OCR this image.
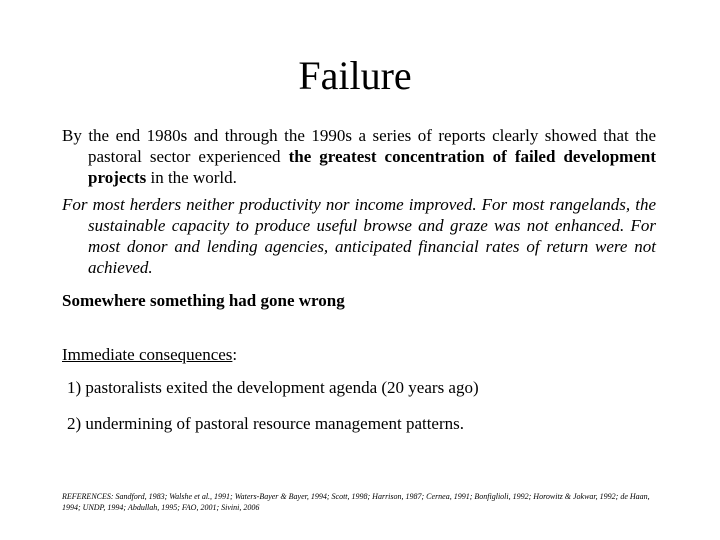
Failure
By the end 1980s and through the 1990s a series of reports clearly showed that the pastoral sector experienced the greatest concentration of failed development projects in the world.
For most herders neither productivity nor income improved. For most rangelands, the sustainable capacity to produce useful browse and graze was not enhanced. For most donor and lending agencies, anticipated financial rates of return were not achieved.
Somewhere something had gone wrong
Immediate consequences:
1) pastoralists exited the development agenda (20 years ago)
2) undermining of pastoral resource management patterns.
REFERENCES: Sandford, 1983; Walshe et al., 1991; Waters-Bayer & Bayer, 1994; Scott, 1998; Harrison, 1987; Cernea, 1991; Bonfiglioli, 1992; Horowitz & Jokwar, 1992; de Haan, 1994; UNDP, 1994; Abdullah, 1995; FAO, 2001; Sivini, 2006
